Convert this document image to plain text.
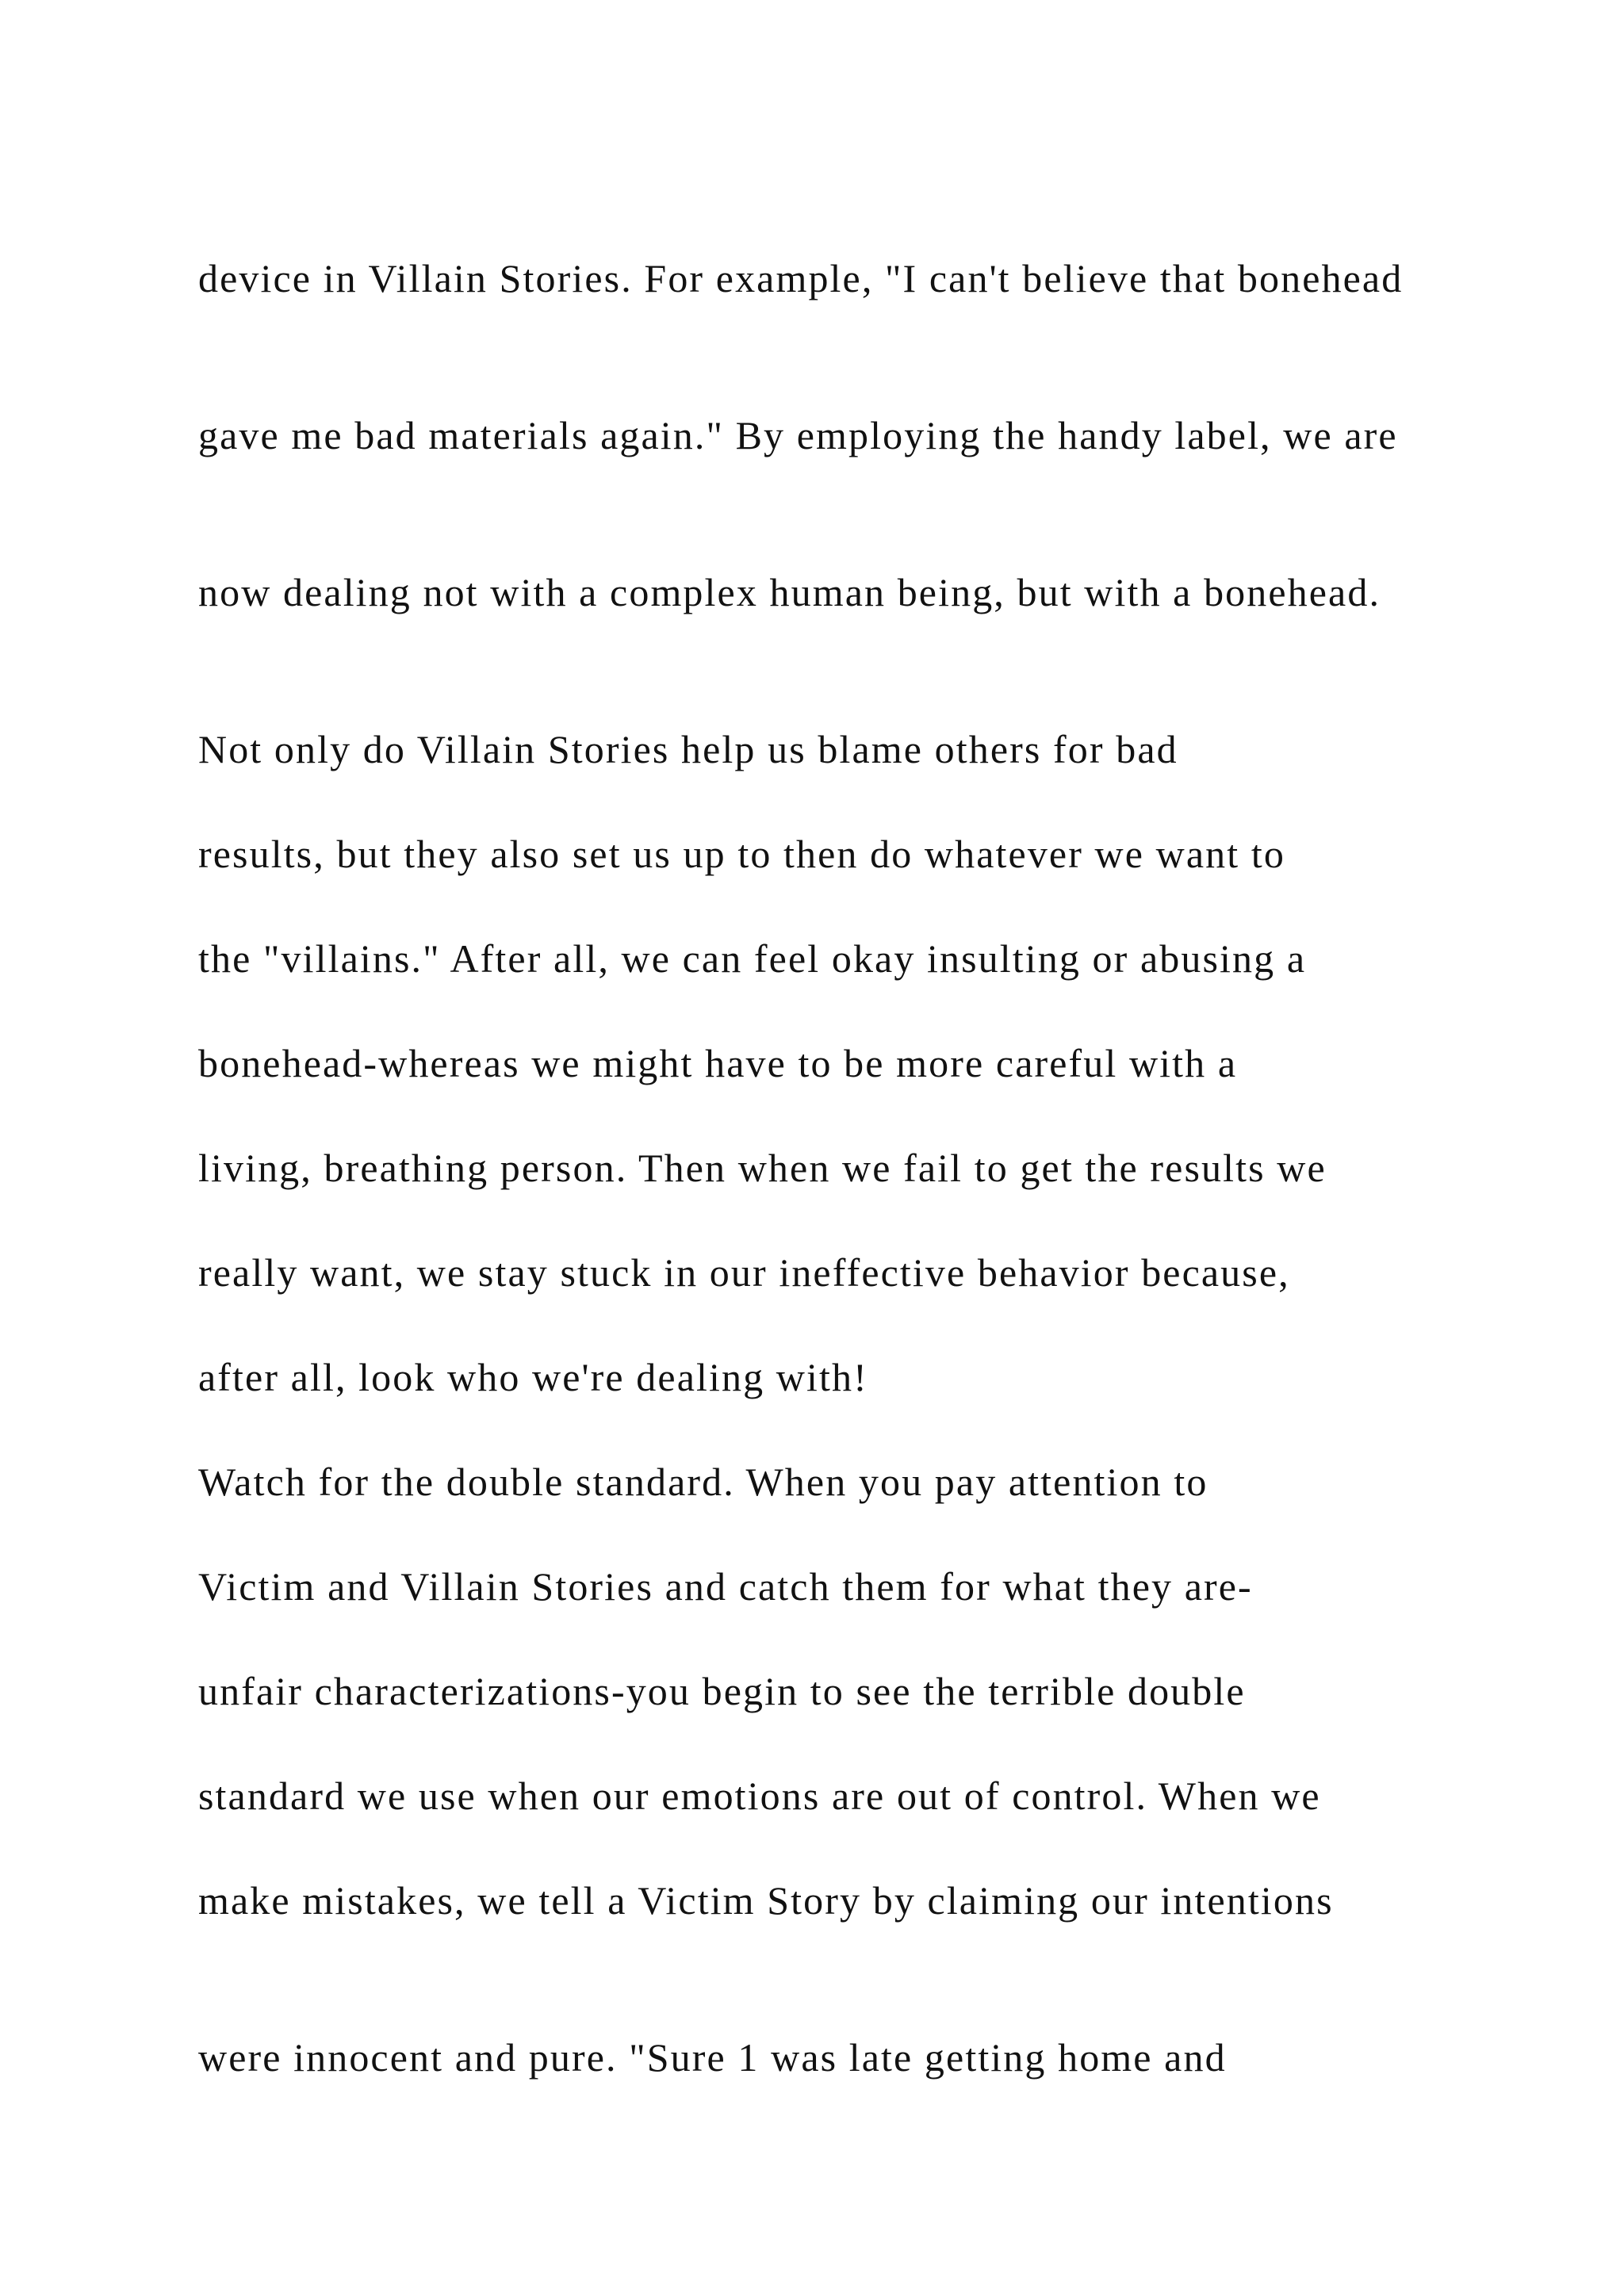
device in Villain Stories. For example, "I can't believe that bonehead

gave me bad materials again." By employing the handy label, we are

now dealing not with a complex human being, but with a bonehead.

Not only do Villain Stories help us blame others for bad

results, but they also set us up to then do whatever we want to

the "villains." After all, we can feel okay insulting or abusing a

bonehead-whereas we might have to be more careful with a

living, breathing person. Then when we fail to get the results we

really want, we stay stuck in our ineffective behavior because,

after all, look who we're dealing with!

Watch for the double standard. When you pay attention to

Victim and Villain Stories and catch them for what they are-

unfair characterizations-you begin to see the terrible double

standard we use when our emotions are out of control. When we

make mistakes, we tell a Victim Story by claiming our intentions

were innocent and pure. "Sure 1 was late getting home and
